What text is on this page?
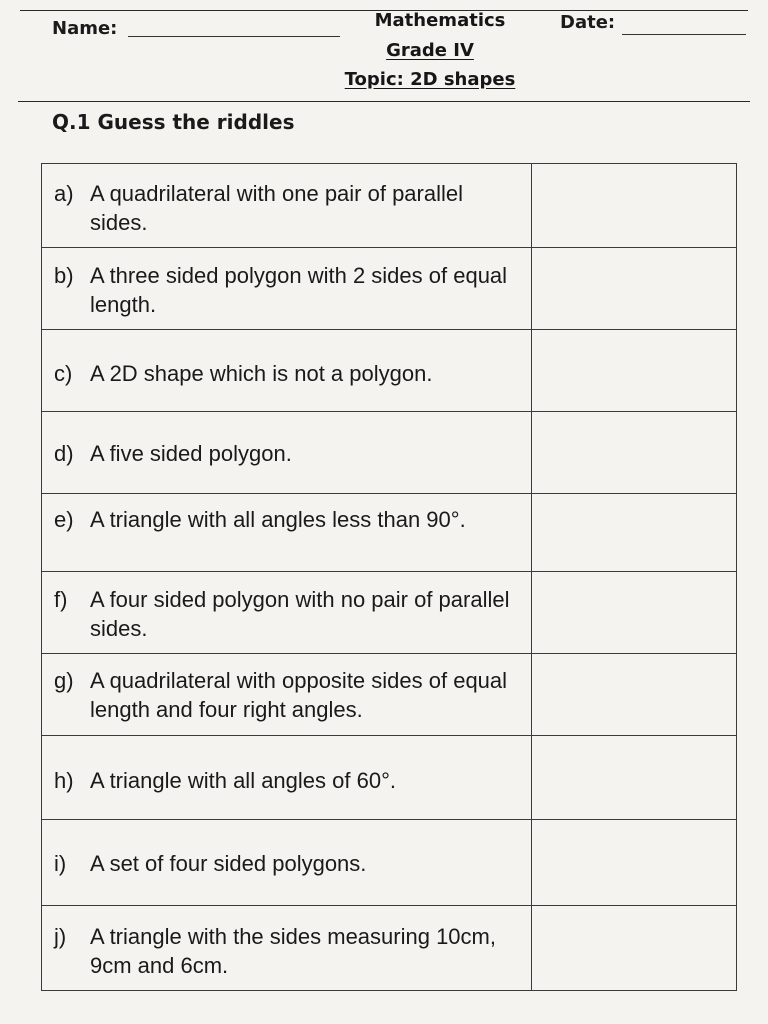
Name:	Mathematics	Date:
Grade IV
Topic: 2D shapes
Q.1 Guess the riddles
a) A quadrilateral with one pair of parallel sides.
b) A three sided polygon with 2 sides of equal length.
c) A 2D shape which is not a polygon.
d) A five sided polygon.
e) A triangle with all angles less than 90°.
f)	A four sided polygon with no pair of parallel sides.
g) A quadrilateral with opposite sides of equal length and four right angles.
h) A triangle with all angles of 60°.
i)	A set of four sided polygons.
j)	A triangle with the sides measuring 10cm, 9cm and 6cm.
